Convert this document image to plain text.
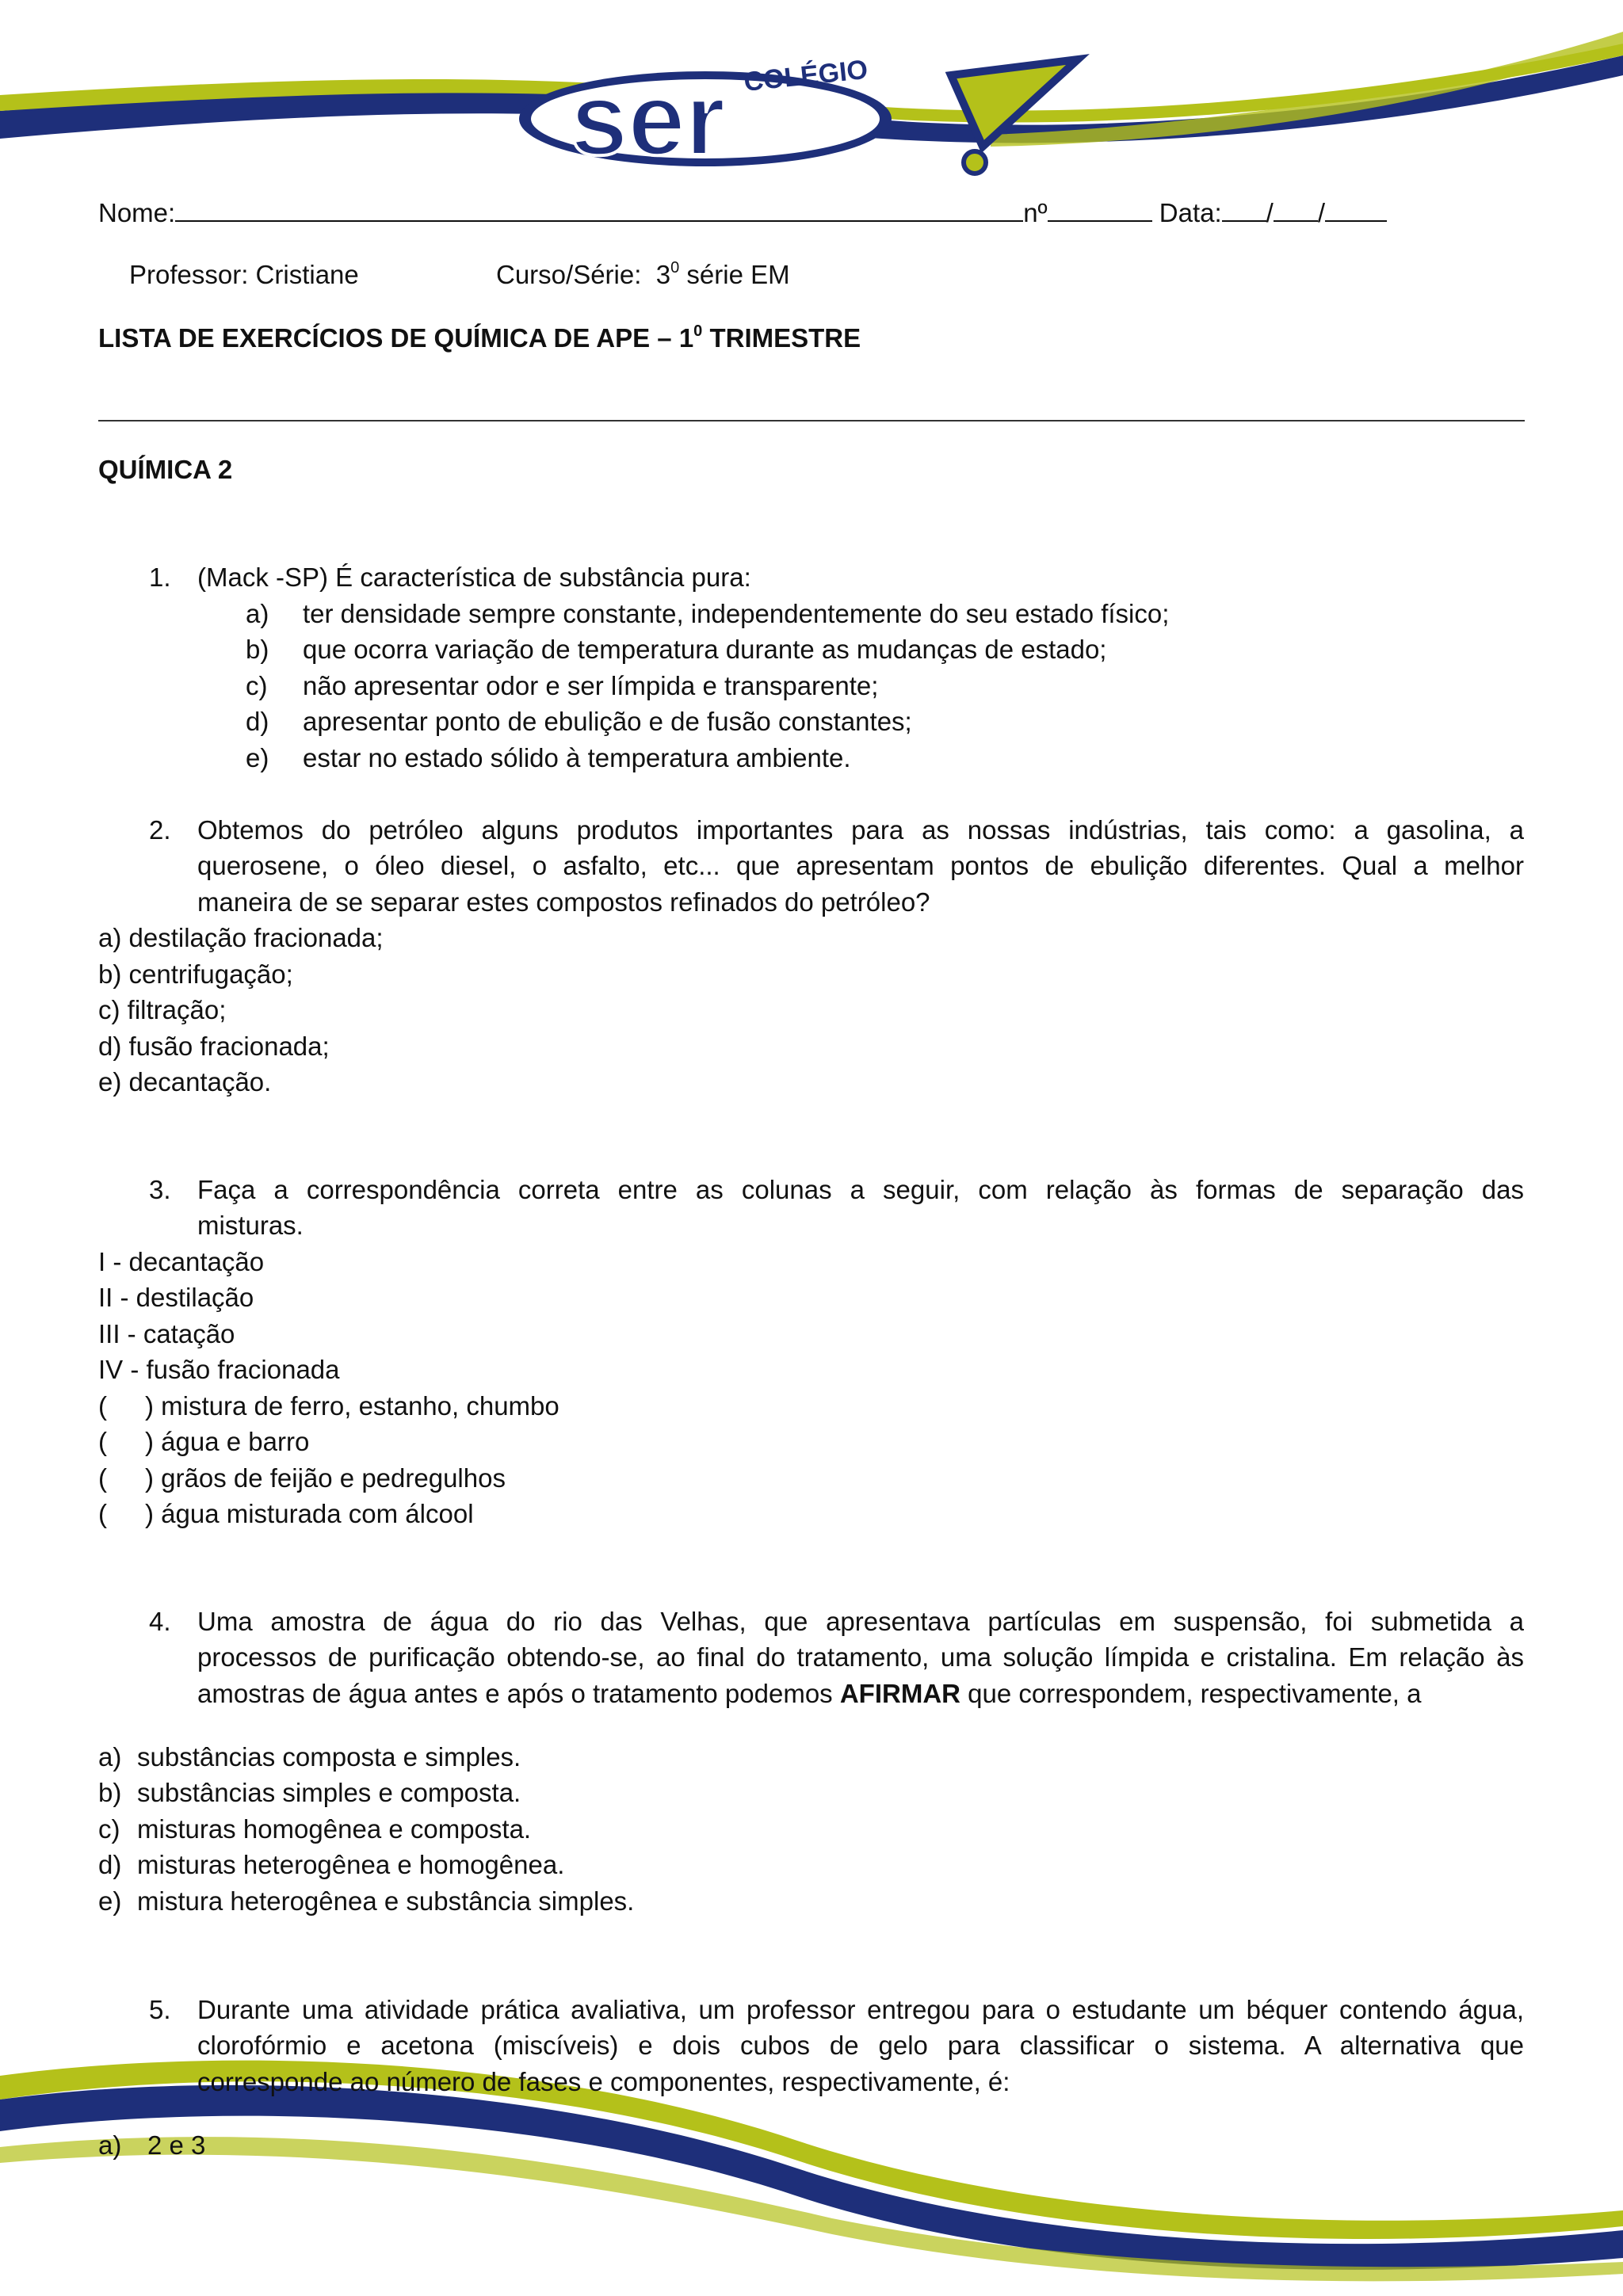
ser COLÉGIO
Nome:	nº	Data: / /
Professor: Cristiane	Curso/Série: $3^0$ série EM
LISTA DE EXERCÍCIOS DE QUÍMICA DE APE – $1^0$ TRIMESTRE
QUÍMICA 2
1. (Mack -SP) É característica de substância pura:
a) ter densidade sempre constante, independentemente do seu estado físico;
b) que ocorra variação de temperatura durante as mudanças de estado;
c) não apresentar odor e ser límpida e transparente;
d) apresentar ponto de ebulição e de fusão constantes;
e) estar no estado sólido à temperatura ambiente.
2. Obtemos do petróleo alguns produtos importantes para as nossas indústrias, tais como: a gasolina, a
querosene, o óleo diesel, o asfalto, etc... que apresentam pontos de ebulição diferentes. Qual a melhor
maneira de se separar estes compostos refinados do petróleo?
a) destilação fracionada;
b) centrifugação;
c) filtração;
d) fusão fracionada;
e) decantação.
3. Faça a correspondência correta entre as colunas a seguir, com relação às formas de separação das
misturas.
I - decantação
II - destilação
III - catação
IV - fusão fracionada
( ) mistura de ferro, estanho, chumbo
( ) água e barro
( ) grãos de feijão e pedregulhos
( ) água misturada com álcool
4. Uma amostra de água do rio das Velhas, que apresentava partículas em suspensão, foi submetida a
processos de purificação obtendo-se, ao final do tratamento, uma solução límpida e cristalina. Em relação às
amostras de água antes e após o tratamento podemos AFIRMAR que correspondem, respectivamente, a
a) substâncias composta e simples.
b) substâncias simples e composta.
c) misturas homogênea e composta.
d) misturas heterogênea e homogênea.
e) mistura heterogênea e substância simples.
5. Durante uma atividade prática avaliativa, um professor entregou para o estudante um béquer contendo água,
clorofórmio e acetona (miscíveis) e dois cubos de gelo para classificar o sistema. A alternativa que
corresponde ao número de fases e componentes, respectivamente, é:
a) 2 e 3
